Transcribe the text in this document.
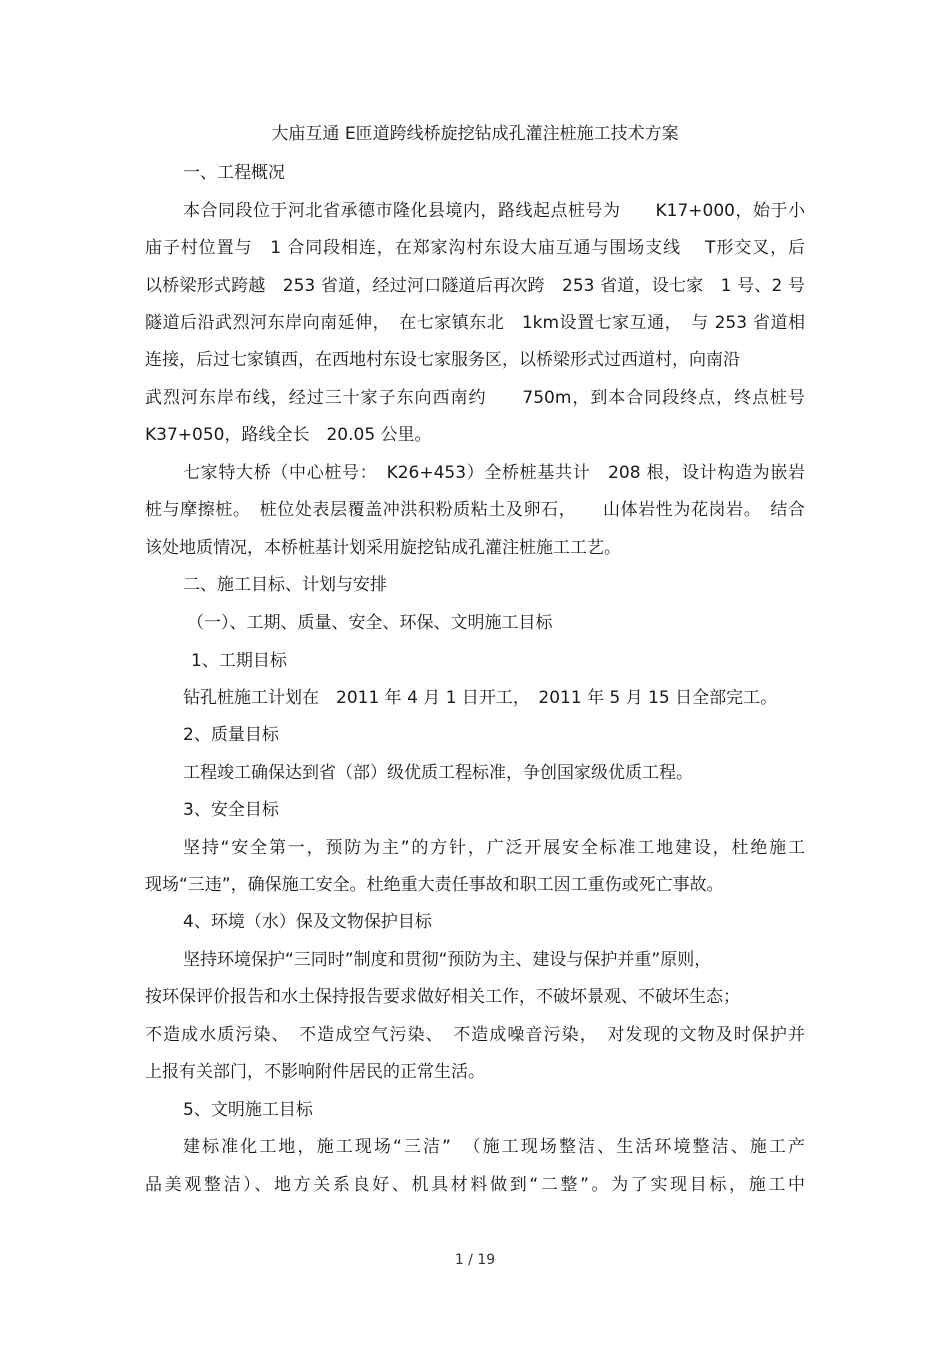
大庙互通 E匝道跨线桥旋挖钻成孔灌注桩施工技术方案
一、工程概况
本合同段位于河北省承德市隆化县境内，路线起点桩号为　　K17+000，始于小
庙子村位置与　1 合同段相连，在郑家沟村东设大庙互通与围场支线　 T形交叉，后
以桥梁形式跨越　253 省道，经过河口隧道后再次跨　253 省道，设七家　1 号、2 号
隧道后沿武烈河东岸向南延伸，　在七家镇东北　1km设置七家互通，　与 253 省道相
连接，后过七家镇西，在西地村东设七家服务区，以桥梁形式过西道村，向南沿
武烈河东岸布线，经过三十家子东向西南约　　750m，到本合同段终点，终点桩号
K37+050，路线全长　20.05 公里。
七家特大桥（中心桩号：　K26+453）全桥桩基共计　208 根，设计构造为嵌岩
桩与摩擦桩。　桩位处表层覆盖冲洪积粉质粘土及卵石，　　山体岩性为花岗岩。　结合
该处地质情况，本桥桩基计划采用旋挖钻成孔灌注桩施工工艺。
二、施工目标、计划与安排
（一）、工期、质量、安全、环保、文明施工目标
1、工期目标
钻孔桩施工计划在　2011 年 4 月 1 日开工，　2011 年 5 月 15 日全部完工。
2、质量目标
工程竣工确保达到省（部）级优质工程标准，争创国家级优质工程。
3、安全目标
坚持“安全第一，预防为主”的方针，广泛开展安全标准工地建设，杜绝施工
现场“三违”，确保施工安全。杜绝重大责任事故和职工因工重伤或死亡事故。
4、环境（水）保及文物保护目标
坚持环境保护“三同时”制度和贯彻“预防为主、建设与保护并重”原则，
按环保评价报告和水土保持报告要求做好相关工作，不破坏景观、不破坏生态；
不造成水质污染、　不造成空气污染、　不造成噪音污染，　对发现的文物及时保护并
上报有关部门，不影响附件居民的正常生活。
5、文明施工目标
建标准化工地，施工现场“三洁”　（施工现场整洁、生活环境整洁、施工产
品美观整洁）、地方关系良好、机具材料做到“二整”。为了实现目标，施工中
1 / 19
